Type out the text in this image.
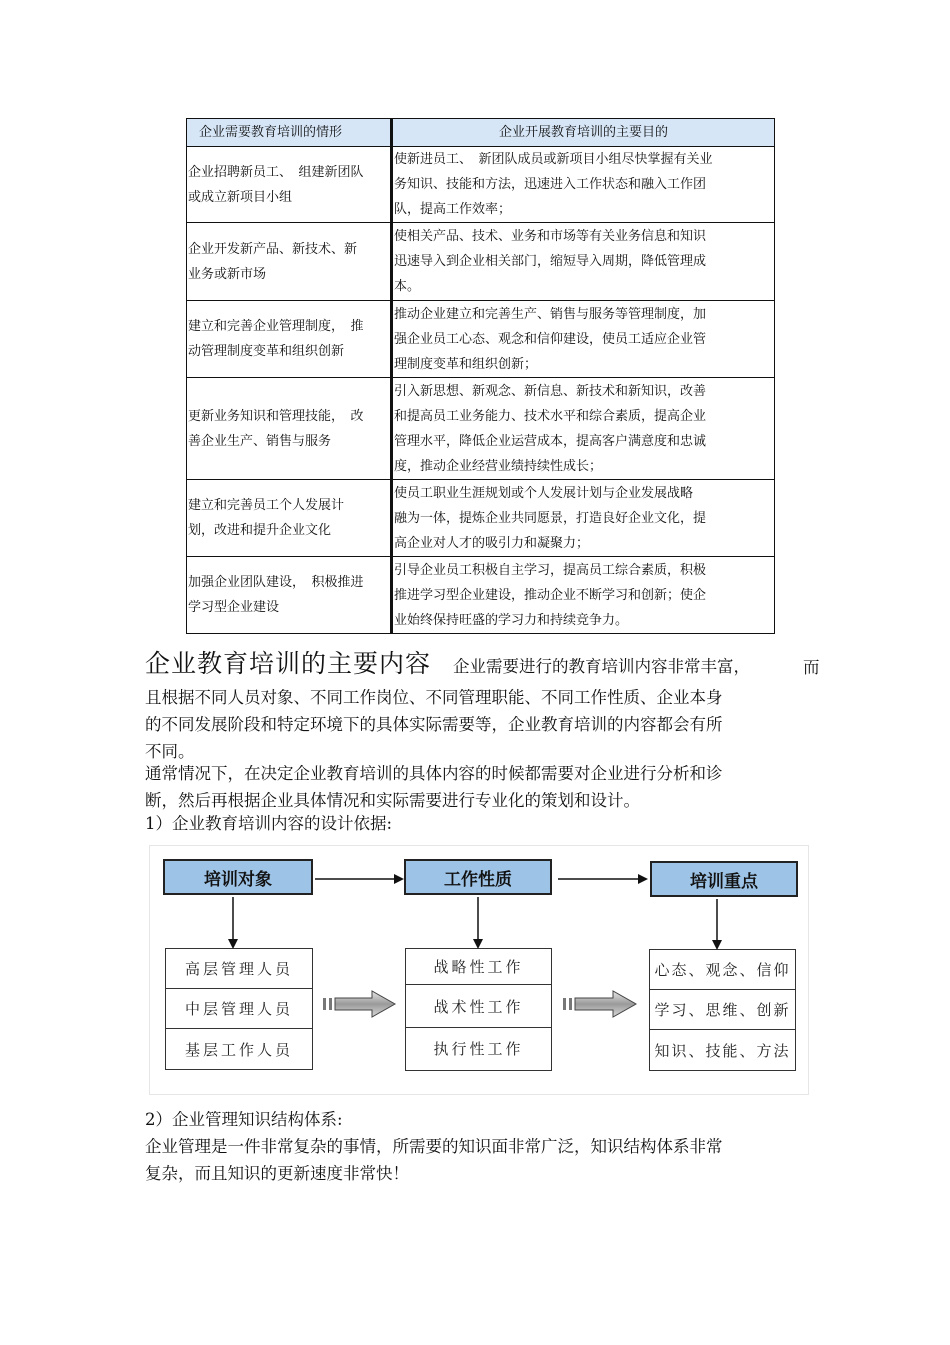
企业需要教育培训的情形	企业开展教育培训的主要目的

企业招聘新员工、　组建新团队
或成立新项目小组	使新进员工、　新团队成员或新项目小组尽快掌握有关业
务知识、技能和方法，迅速进入工作状态和融入工作团
队，提高工作效率；

企业开发新产品、新技术、新
业务或新市场	使相关产品、技术、业务和市场等有关业务信息和知识
迅速导入到企业相关部门，缩短导入周期，降低管理成
本。

建立和完善企业管理制度，　推
动管理制度变革和组织创新	推动企业建立和完善生产、销售与服务等管理制度，加
强企业员工心态、观念和信仰建设，使员工适应企业管
理制度变革和组织创新；

更新业务知识和管理技能，　改
善企业生产、销售与服务	引入新思想、新观念、新信息、新技术和新知识，改善
和提高员工业务能力、技术水平和综合素质，提高企业
管理水平，降低企业运营成本，提高客户满意度和忠诚
度，推动企业经营业绩持续性成长；

建立和完善员工个人发展计
划，改进和提升企业文化	使员工职业生涯规划或个人发展计划与企业发展战略
融为一体，提炼企业共同愿景，打造良好企业文化，提
高企业对人才的吸引力和凝聚力；

加强企业团队建设，　积极推进
学习型企业建设	引导企业员工积极自主学习，提高员工综合素质，积极
推进学习型企业建设，推动企业不断学习和创新；使企
业始终保持旺盛的学习力和持续竞争力。
企业教育培训的主要内容 企业需要进行的教育培训内容非常丰富，	而
且根据不同人员对象、不同工作岗位、不同管理职能、不同工作性质、企业本身
的不同发展阶段和特定环境下的具体实际需要等，企业教育培训的内容都会有所
不同。
通常情况下，在决定企业教育培训的具体内容的时候都需要对企业进行分析和诊
断，然后再根据企业具体情况和实际需要进行专业化的策划和设计。
1）企业教育培训内容的设计依据:
培训对象	工作性质	培训重点
高层管理人员
中层管理人员
基层工作人员
战略性工作
战术性工作
执行性工作
心态、观念、信仰
学习、思维、创新
知识、技能、方法
2）企业管理知识结构体系:
企业管理是一件非常复杂的事情，所需要的知识面非常广泛，知识结构体系非常
复杂，而且知识的更新速度非常快！
